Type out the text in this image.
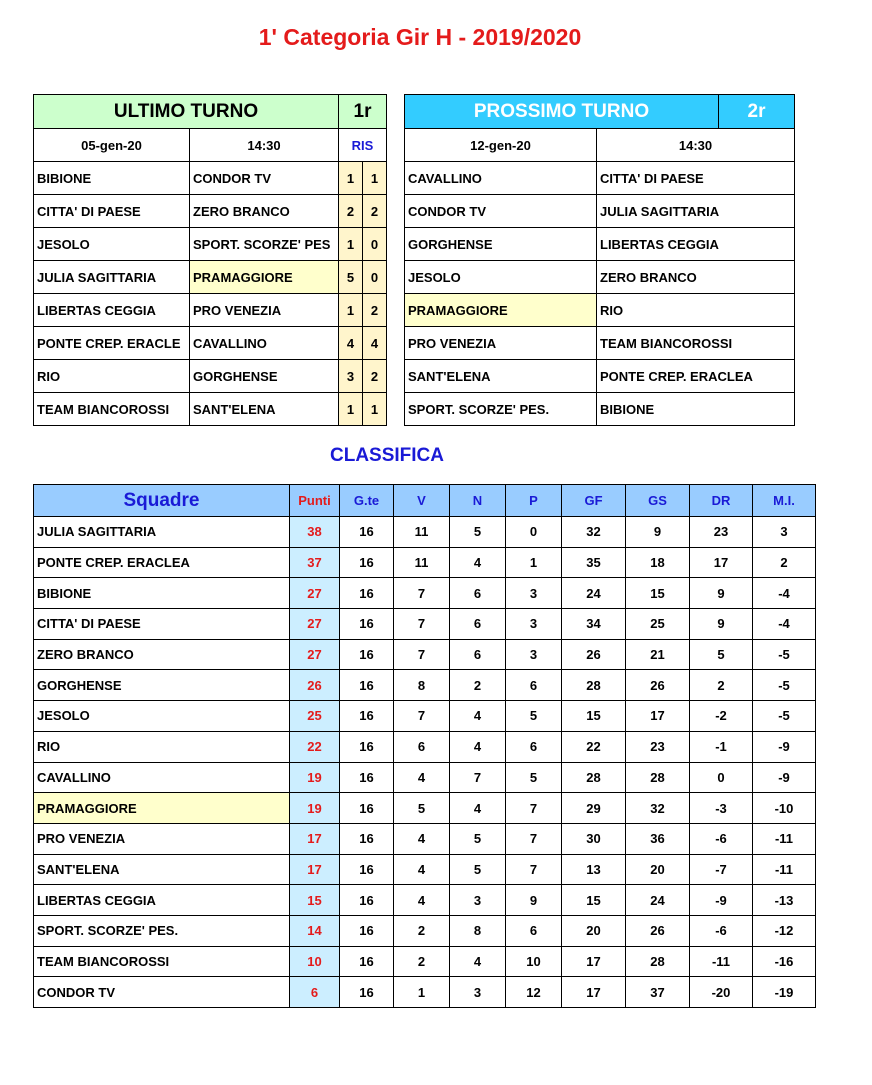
1' Categoria Gir H - 2019/2020
ULTIMO TURNO		1r	
05-gen-20	14:30	RIS	
BIBIONE	CONDOR TV	1	1
CITTA' DI PAESE	ZERO BRANCO	2	2
JESOLO	SPORT. SCORZE' PES	1	0
JULIA SAGITTARIA	PRAMAGGIORE	5	0
LIBERTAS CEGGIA	PRO VENEZIA	1	2
PONTE CREP. ERACLE	CAVALLINO	4	4
RIO	GORGHENSE	3	2
TEAM BIANCOROSSI	SANT'ELENA	1	1
PROSSIMO TURNO		2r
12-gen-20	14:30	
CAVALLINO	CITTA' DI PAESE	
CONDOR TV	JULIA SAGITTARIA	
GORGHENSE	LIBERTAS CEGGIA	
JESOLO	ZERO BRANCO	
PRAMAGGIORE	RIO	
PRO VENEZIA	TEAM BIANCOROSSI	
SANT'ELENA	PONTE CREP. ERACLEA	
SPORT. SCORZE' PES.	BIBIONE	
CLASSIFICA
Squadre	Punti	G.te	V	N	P	GF	GS	DR	M.I.
JULIA SAGITTARIA	38	16	11	5	0	32	9	23	3
PONTE CREP. ERACLEA	37	16	11	4	1	35	18	17	2
BIBIONE	27	16	7	6	3	24	15	9	-4
CITTA' DI PAESE	27	16	7	6	3	34	25	9	-4
ZERO BRANCO	27	16	7	6	3	26	21	5	-5
GORGHENSE	26	16	8	2	6	28	26	2	-5
JESOLO	25	16	7	4	5	15	17	-2	-5
RIO	22	16	6	4	6	22	23	-1	-9
CAVALLINO	19	16	4	7	5	28	28	0	-9
PRAMAGGIORE	19	16	5	4	7	29	32	-3	-10
PRO VENEZIA	17	16	4	5	7	30	36	-6	-11
SANT'ELENA	17	16	4	5	7	13	20	-7	-11
LIBERTAS CEGGIA	15	16	4	3	9	15	24	-9	-13
SPORT. SCORZE' PES.	14	16	2	8	6	20	26	-6	-12
TEAM BIANCOROSSI	10	16	2	4	10	17	28	-11	-16
CONDOR TV	6	16	1	3	12	17	37	-20	-19
